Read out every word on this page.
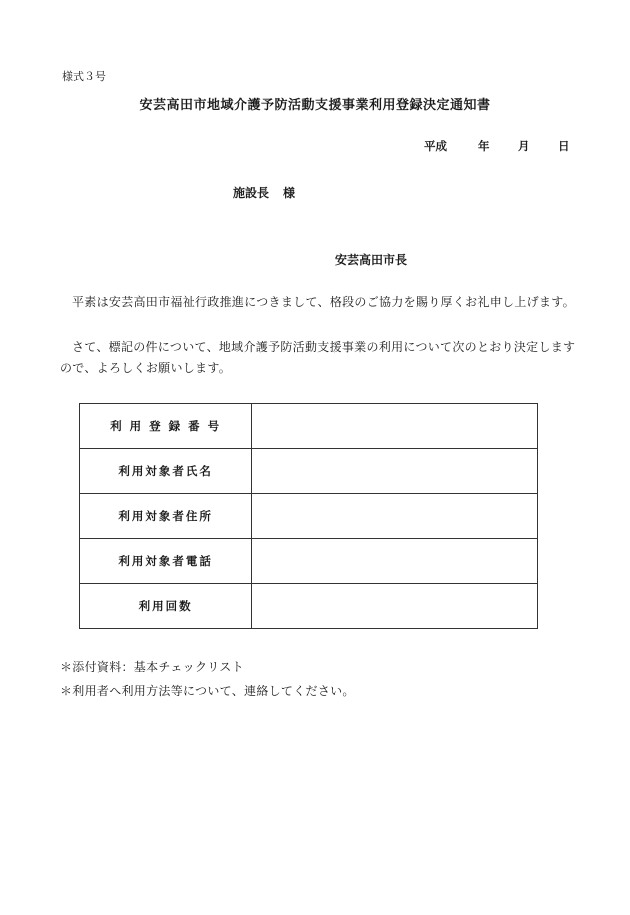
様式３号
安芸高田市地域介護予防活動支援事業利用登録決定通知書
平成	年 月 日
施設長 様
安芸高田市長
平素は安芸高田市福祉行政推進につきまして、格段のご協力を賜り厚くお礼申し上げます。
さて、標記の件について、地域介護予防活動支援事業の利用について次のとおり決定しますので、よろしくお願いします。
利 用 登 録 番 号	
利用対象者氏名	
利用対象者住所	
利用対象者電話	
利用回数	
＊添付資料：基本チェックリスト
＊利用者へ利用方法等について、連絡してください。
